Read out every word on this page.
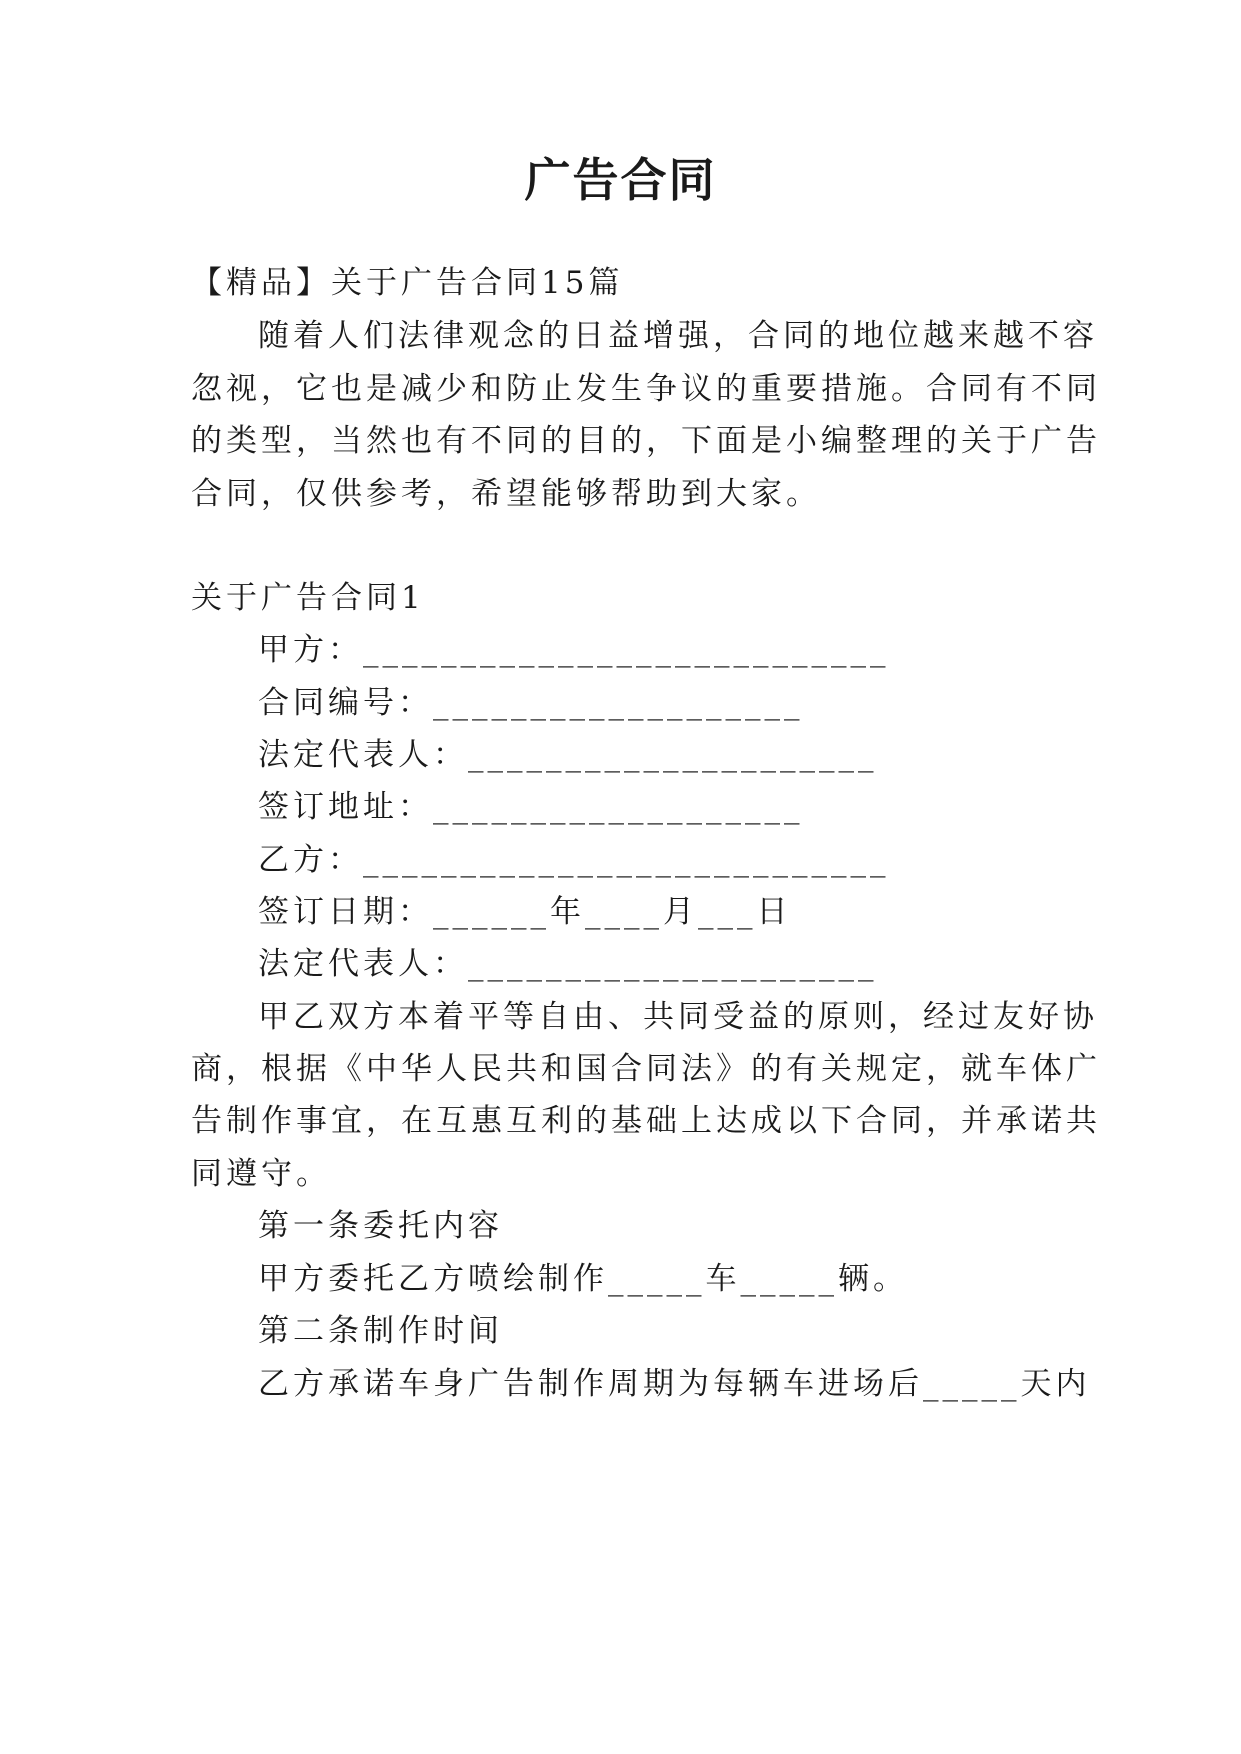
广告合同
【精品】关于广告合同15篇
随着人们法律观念的日益增强，合同的地位越来越不容
忽视，它也是减少和防止发生争议的重要措施。合同有不同
的类型，当然也有不同的目的，下面是小编整理的关于广告
合同，仅供参考，希望能够帮助到大家。
关于广告合同1
甲方：___________________________
合同编号：___________________
法定代表人：_____________________
签订地址：___________________
乙方：___________________________
签订日期：______年____月___日
法定代表人：_____________________
甲乙双方本着平等自由、共同受益的原则，经过友好协
商，根据《中华人民共和国合同法》的有关规定，就车体广
告制作事宜，在互惠互利的基础上达成以下合同，并承诺共
同遵守。
第一条委托内容
甲方委托乙方喷绘制作_____车_____辆。
第二条制作时间
乙方承诺车身广告制作周期为每辆车进场后_____天内
